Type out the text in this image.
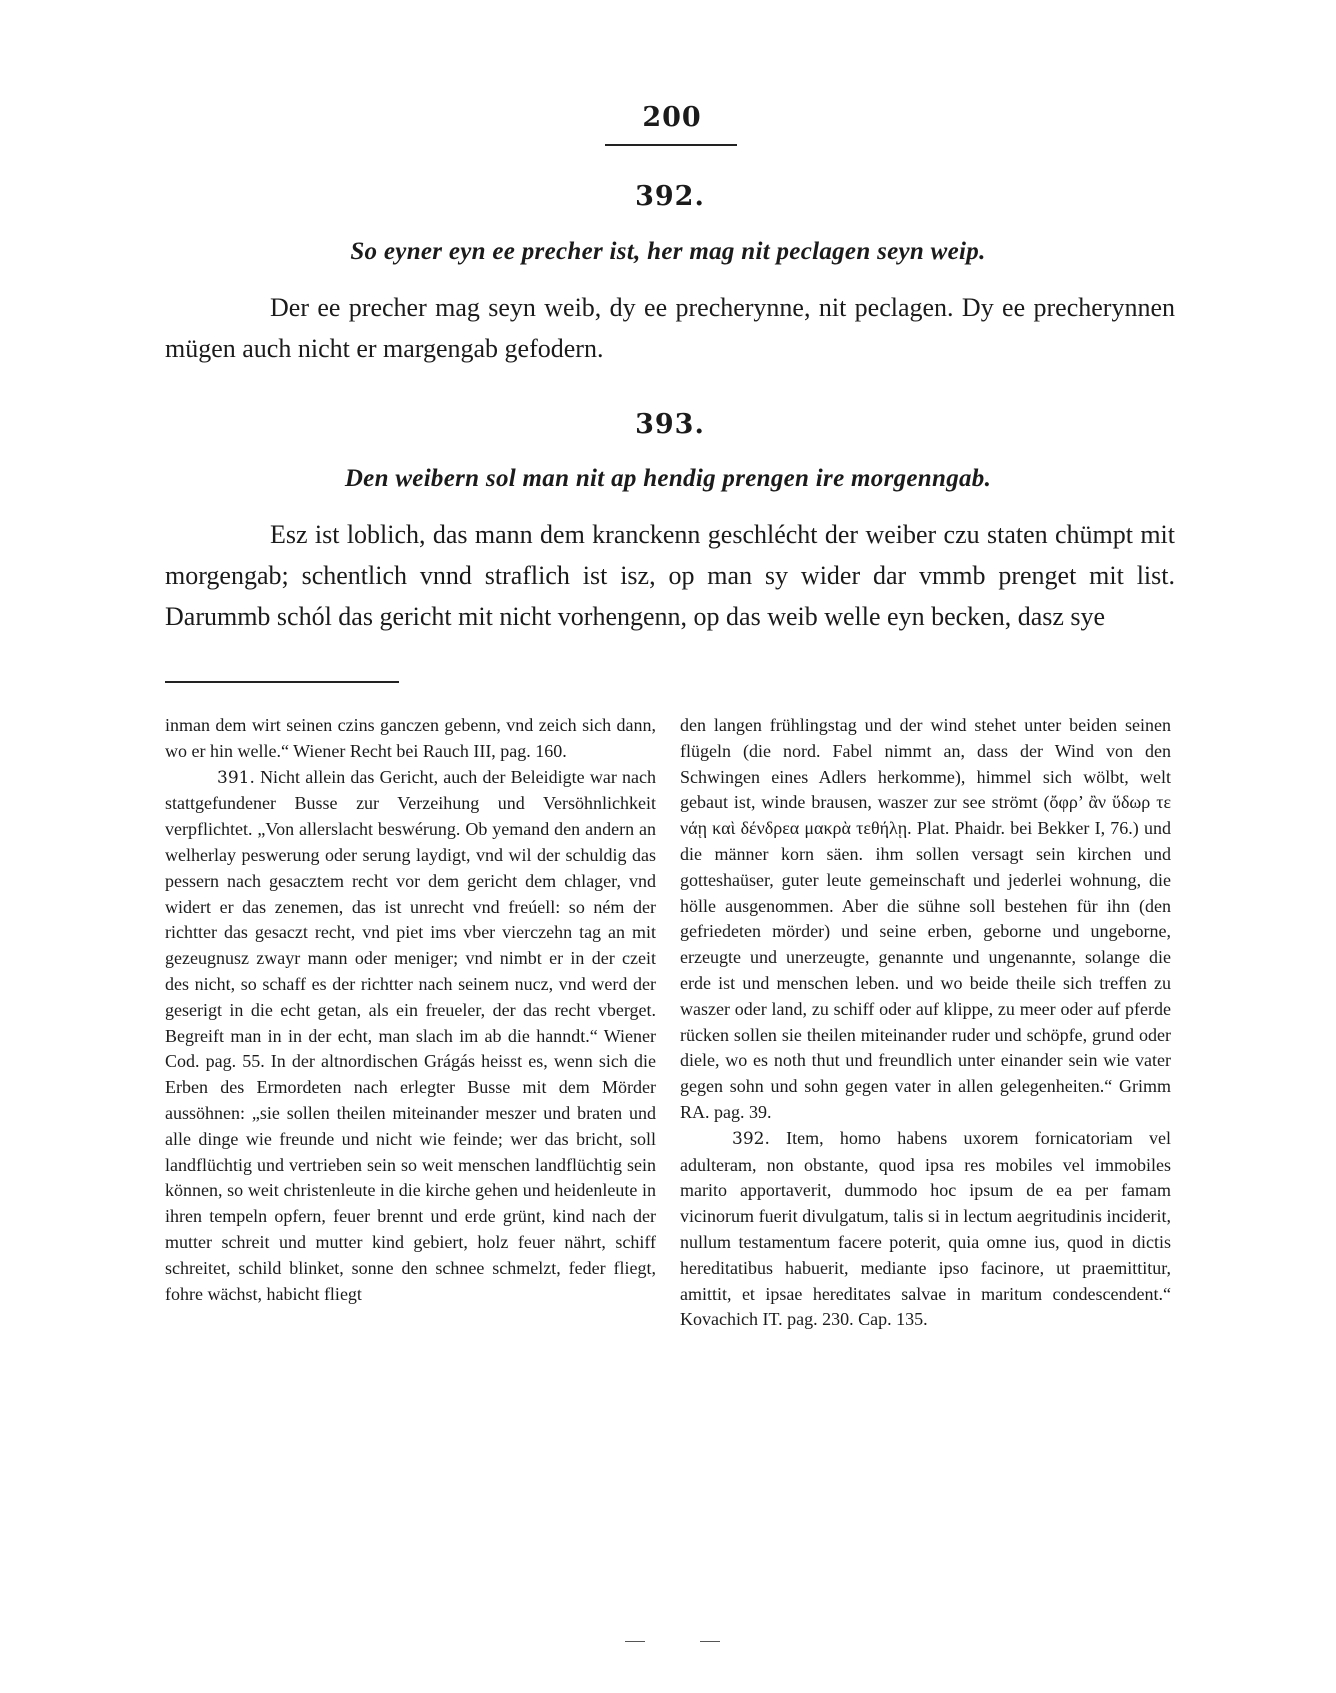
200
392.
So eyner eyn ee precher ist, her mag nit peclagen seyn weip.

Der ee precher mag seyn weib, dy ee precherynne, nit peclagen. Dy ee precherynnen mügen auch nicht er margengab gefodern.

393.
Den weibern sol man nit ap hendig prengen ire morgenngab.

Esz ist loblich, das mann dem kranckenn geschlécht der weiber czu staten chümpt mit morgengab; schentlich vnnd straflich ist isz, op man sy wider dar vmmb prenget mit list. Darummb schól das gericht mit nicht vorhengenn, op das weib welle eyn becken, dasz sye

inman dem wirt seinen czins ganczen gebenn, vnd zeich sich dann, wo er hin welle.“ Wiener Recht bei Rauch III, pag. 160.

391. Nicht allein das Gericht, auch der Beleidigte war nach stattgefundener Busse zur Verzeihung und Versöhnlichkeit verpflichtet. „Von allerslacht beswérung. Ob yemand den andern an welherlay peswerung oder serung laydigt, vnd wil der schuldig das pessern nach gesacztem recht vor dem gericht dem chlager, vnd widert er das zenemen, das ist unrecht vnd freúell: so ném der richtter das gesaczt recht, vnd piet ims vber vierczehn tag an mit gezeugnusz zwayr mann oder meniger; vnd nimbt er in der czeit des nicht, so schaff es der richtter nach seinem nucz, vnd werd der geserigt in die echt getan, als ein freueler, der das recht vberget. Begreift man in in der echt, man slach im ab die hanndt.“ Wiener Cod. pag. 55. In der altnordischen Grágás heisst es, wenn sich die Erben des Ermordeten nach erlegter Busse mit dem Mörder aussöhnen: „sie sollen theilen miteinander meszer und braten und alle dinge wie freunde und nicht wie feinde; wer das bricht, soll landflüchtig und vertrieben sein so weit menschen landflüchtig sein können, so weit christenleute in die kirche gehen und heidenleute in ihren tempeln opfern, feuer brennt und erde grünt, kind nach der mutter schreit und mutter kind gebiert, holz feuer nährt, schiff schreitet, schild blinket, sonne den schnee schmelzt, feder fliegt, fohre wächst, habicht fliegt

den langen frühlingstag und der wind stehet unter beiden seinen flügeln (die nord. Fabel nimmt an, dass der Wind von den Schwingen eines Adlers herkomme), himmel sich wölbt, welt gebaut ist, winde brausen, waszer zur see strömt (ὄφρ’ ἂν ὕδωρ τε νάῃ καὶ δένδρεα μακρὰ τεθήλῃ. Plat. Phaidr. bei Bekker I, 76.) und die männer korn säen. ihm sollen versagt sein kirchen und gotteshaüser, guter leute gemeinschaft und jederlei wohnung, die hölle ausgenommen. Aber die sühne soll bestehen für ihn (den gefriedeten mörder) und seine erben, geborne und ungeborne, erzeugte und unerzeugte, genannte und ungenannte, solange die erde ist und menschen leben. und wo beide theile sich treffen zu waszer oder land, zu schiff oder auf klippe, zu meer oder auf pferde rücken sollen sie theilen miteinander ruder und schöpfe, grund oder diele, wo es noth thut und freundlich unter einander sein wie vater gegen sohn und sohn gegen vater in allen gelegenheiten.“ Grimm RA. pag. 39.

392. Item, homo habens uxorem fornicatoriam vel adulteram, non obstante, quod ipsa res mobiles vel immobiles marito apportaverit, dummodo hoc ipsum de ea per famam vicinorum fuerit divulgatum, talis si in lectum aegritudinis inciderit, nullum testamentum facere poterit, quia omne ius, quod in dictis hereditatibus habuerit, mediante ipso facinore, ut praemittitur, amittit, et ipsae hereditates salvae in maritum condescendent.“ Kovachich IT. pag. 230. Cap. 135.
